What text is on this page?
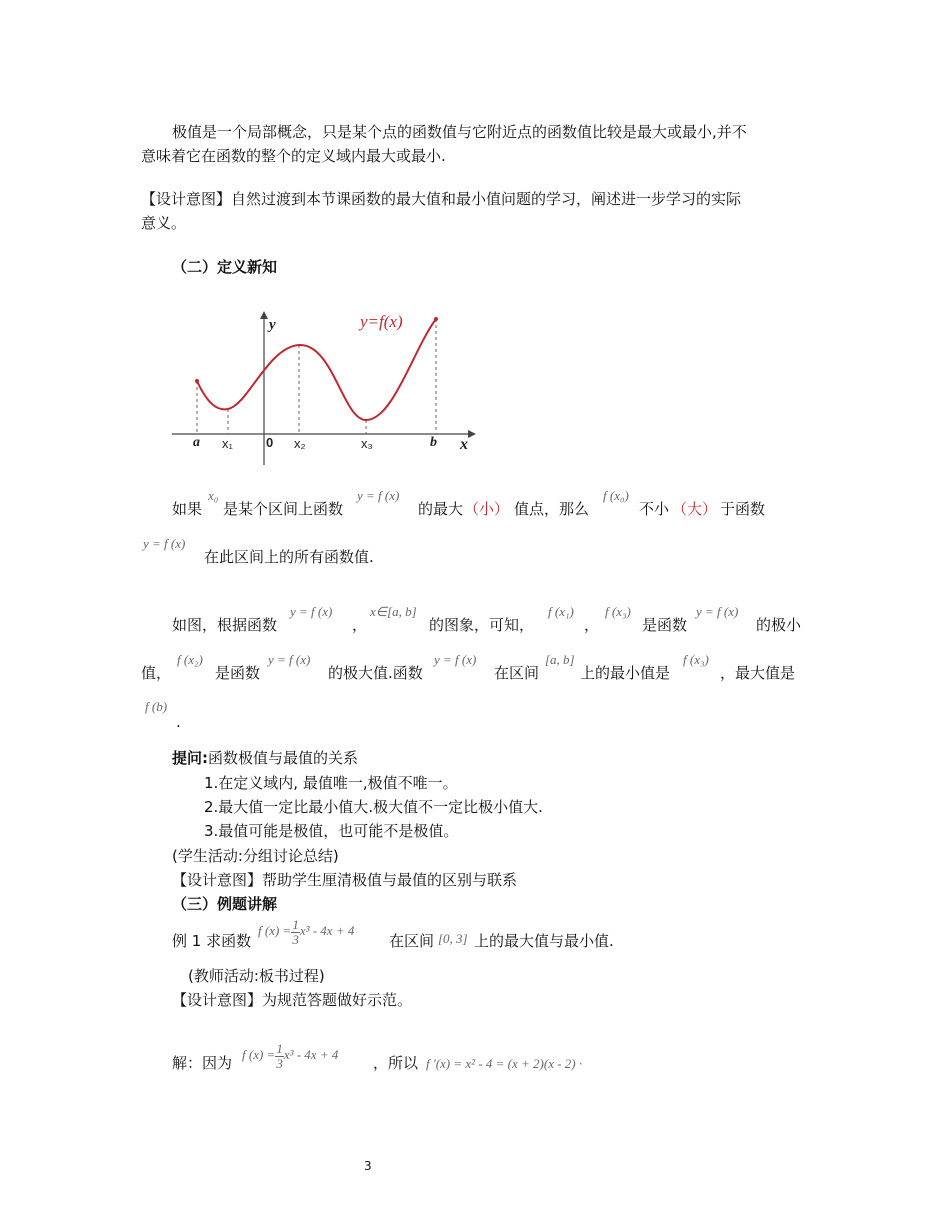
极值是一个局部概念，只是某个点的函数值与它附近点的函数值比较是最大或最小,并不
意味着它在函数的整个的定义域内最大或最小.
【设计意图】自然过渡到本节课函数的最大值和最小值问题的学习，阐述进一步学习的实际
意义。
（二）定义新知
y=f(x)
y
x
a x₁	0 x₂	x₃	b
如果
x₀
是某个区间上函数
y = f (x)
的最大 （小） 值点，那么
f (x₀)
不小 （大） 于函数
y = f (x)
在此区间上的所有函数值.
如图，根据函数
y = f (x)
，
x∈[a, b]
的图象，可知，
f (x₁)
，
f (x₃)
是函数
y = f (x)
的极小
值，
f (x₂)
是函数
y = f (x)
的极大值.函数
y = f (x)
在区间
[a, b]
上的最小值是
f (x₃)
，最大值是
f (b)
.
提问:函数极值与最值的关系
1.在定义域内, 最值唯一,极值不唯一。
2.最大值一定比最小值大.极大值不一定比极小值大.
3.最值可能是极值，也可能不是极值。
(学生活动:分组讨论总结)
【设计意图】帮助学生厘清极值与最值的区别与联系
（三）例题讲解
例 1 求函数
f $(x) = \frac{1}{3} x^3 - 4x + 4$
在区间 [0, 3] 上的最大值与最小值.
(教师活动:板书过程)
【设计意图】为规范答题做好示范。
解：因为 f $(x) = \frac{1}{3} x^3 - 4x + 4$ ，所以 f ′(x) = x² - 4 = (x + 2)(x - 2) ·
3
